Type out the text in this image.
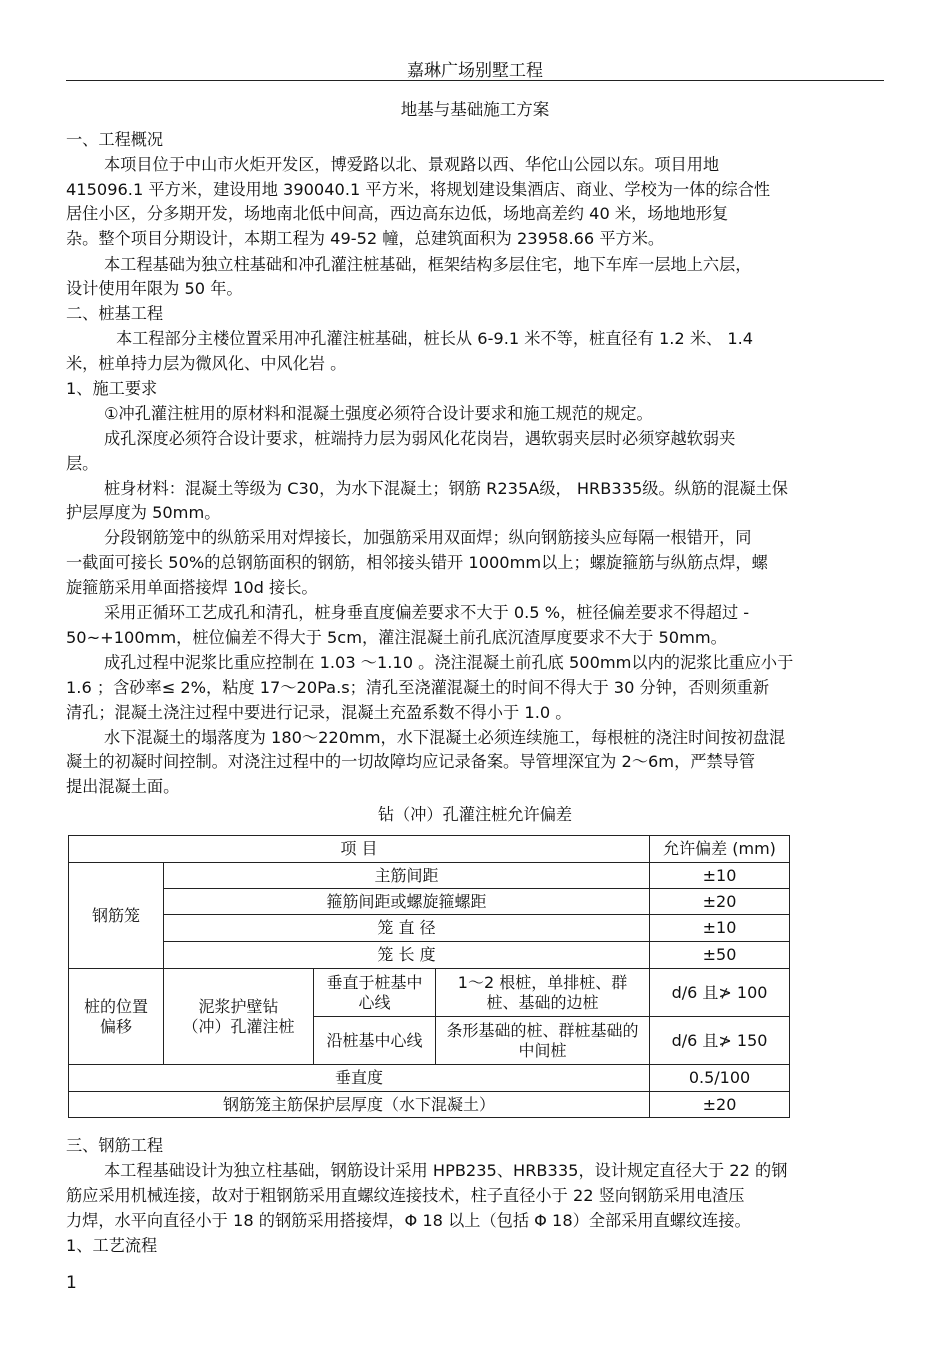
嘉琳广场别墅工程
地基与基础施工方案
一、工程概况
本项目位于中山市火炬开发区，博爱路以北、景观路以西、华佗山公园以东。项目用地
415096.1 平方米，建设用地 390040.1 平方米，将规划建设集酒店、商业、学校为一体的综合性
居住小区，分多期开发，场地南北低中间高，西边高东边低，场地高差约 40 米，场地地形复
杂。整个项目分期设计，本期工程为 49-52 幢，总建筑面积为 23958.66 平方米。
本工程基础为独立柱基础和冲孔灌注桩基础，框架结构多层住宅，地下车库一层地上六层，
设计使用年限为 50 年。
二、桩基工程
本工程部分主楼位置采用冲孔灌注桩基础，桩长从 6-9.1 米不等，桩直径有 1.2 米、 1.4
米，桩单持力层为微风化、中风化岩 。
1、施工要求
①冲孔灌注桩用的原材料和混凝土强度必须符合设计要求和施工规范的规定。
成孔深度必须符合设计要求，桩端持力层为弱风化花岗岩，遇软弱夹层时必须穿越软弱夹
层。
桩身材料：混凝土等级为 C30，为水下混凝土；钢筋 R235A级， HRB335级。纵筋的混凝土保
护层厚度为 50mm。
分段钢筋笼中的纵筋采用对焊接长，加强筋采用双面焊；纵向钢筋接头应每隔一根错开，同
一截面可接长 50%的总钢筋面积的钢筋，相邻接头错开 1000mm以上；螺旋箍筋与纵筋点焊，螺
旋箍筋采用单面搭接焊 10d 接长。
采用正循环工艺成孔和清孔，桩身垂直度偏差要求不大于 0.5 %，桩径偏差要求不得超过 -
50~+100mm，桩位偏差不得大于 5cm，灌注混凝土前孔底沉渣厚度要求不大于 50mm。
成孔过程中泥浆比重应控制在 1.03 ～1.10 。浇注混凝土前孔底 500mm以内的泥浆比重应小于
1.6 ；含砂率≤ 2%，粘度 17～20Pa.s；清孔至浇灌混凝土的时间不得大于 30 分钟，否则须重新
清孔；混凝土浇注过程中要进行记录，混凝土充盈系数不得小于 1.0 。
水下混凝土的塌落度为 180～220mm，水下混凝土必须连续施工，每根桩的浇注时间按初盘混
凝土的初凝时间控制。对浇注过程中的一切故障均应记录备案。导管埋深宜为 2～6m，严禁导管
提出混凝土面。
钻（冲）孔灌注桩允许偏差
项 目				允许偏差 (mm)
钢筋笼	主筋间距			±10
	箍筋间距或螺旋箍螺距			±20
	笼 直 径			±10
	笼 长 度			±50
桩的位置偏移	泥浆护壁钻（冲）孔灌注桩	垂直于桩基中心线	1～2 根桩，单排桩、群桩、基础的边桩	d/6 且≯ 100
		沿桩基中心线	条形基础的桩、群桩基础的中间桩	d/6 且≯ 150
垂直度				0.5/100
钢筋笼主筋保护层厚度（水下混凝土）				±20
三、钢筋工程
本工程基础设计为独立柱基础，钢筋设计采用 HPB235、HRB335，设计规定直径大于 22 的钢
筋应采用机械连接，故对于粗钢筋采用直螺纹连接技术，柱子直径小于 22 竖向钢筋采用电渣压
力焊，水平向直径小于 18 的钢筋采用搭接焊，Φ 18 以上（包括 Φ 18）全部采用直螺纹连接。
1、工艺流程
1
